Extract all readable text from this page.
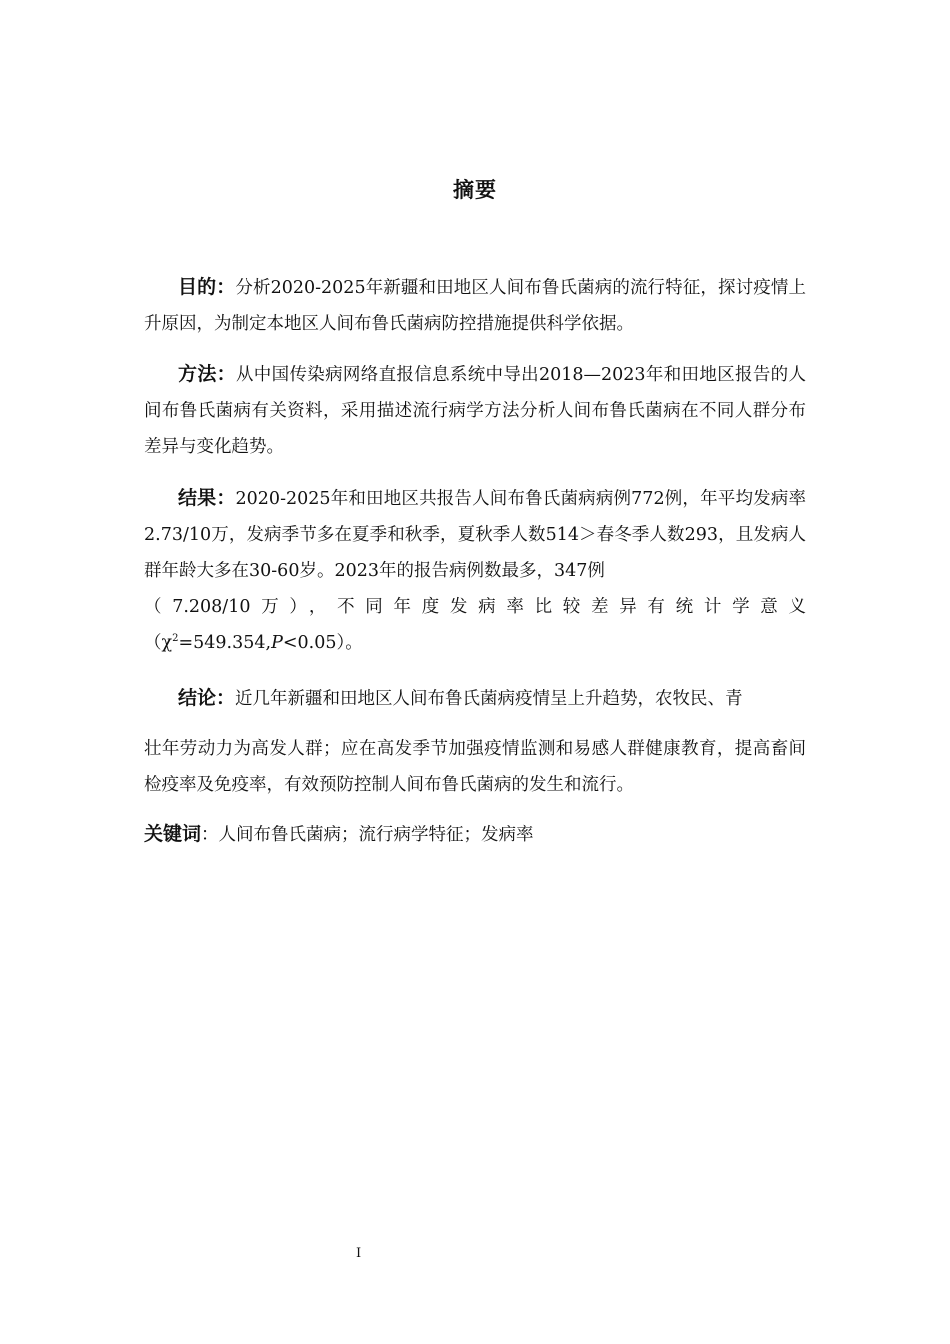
摘要
目的：分析2020-2025年新疆和田地区人间布鲁氏菌病的流行特征，探讨疫情上升原因，为制定本地区人间布鲁氏菌病防控措施提供科学依据。
方法：从中国传染病网络直报信息系统中导出2018—2023年和田地区报告的人间布鲁氏菌病有关资料，采用描述流行病学方法分析人间布鲁氏菌病在不同人群分布差异与变化趋势。
结果：2020-2025年和田地区共报告人间布鲁氏菌病病例772例，年平均发病率2.73/10万，发病季节多在夏季和秋季，夏秋季人数514＞春冬季人数293，且发病人群年龄大多在30-60岁。2023年的报告病例数最多，347例
（7.208/10万），不同年度发病率比较差异有统计学意义
$(\chi^2=549.354,P<0.05)$。
结论：近几年新疆和田地区人间布鲁氏菌病疫情呈上升趋势，农牧民、青
壮年劳动力为高发人群；应在高发季节加强疫情监测和易感人群健康教育，提高畜间检疫率及免疫率，有效预防控制人间布鲁氏菌病的发生和流行。
关键词：人间布鲁氏菌病；流行病学特征；发病率
I
